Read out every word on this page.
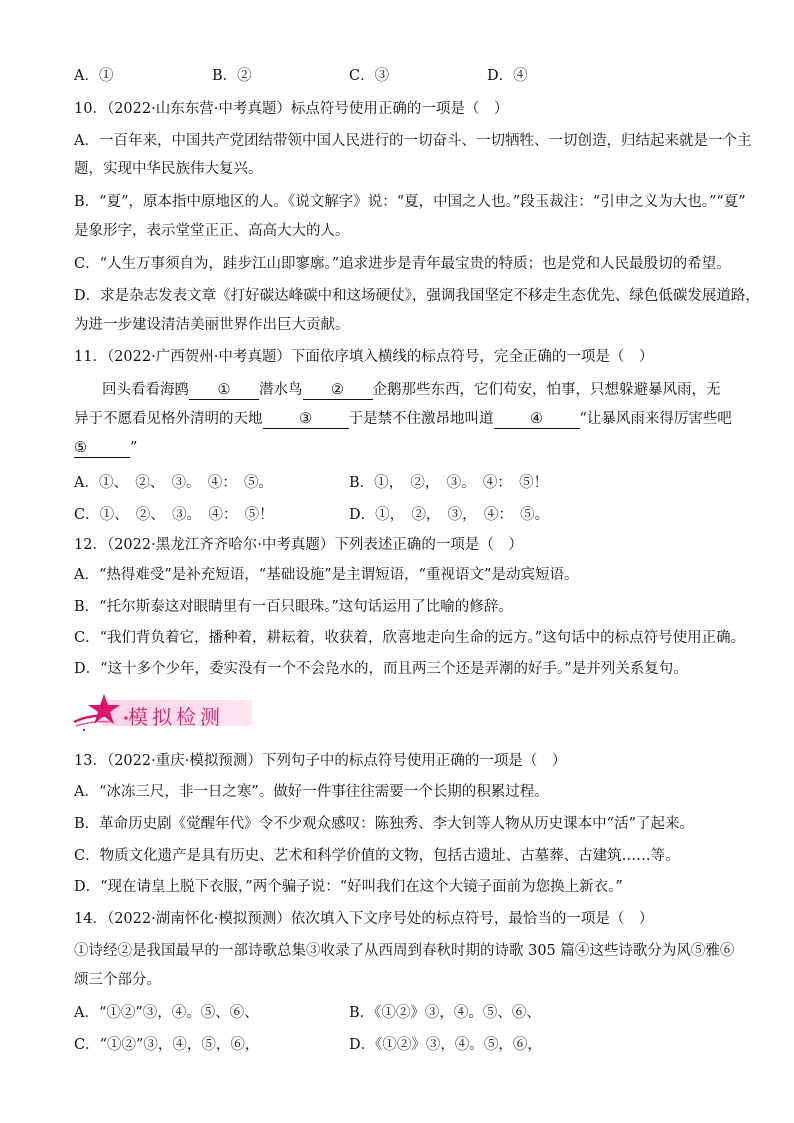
A．①	B．②	C．③	D．④
10．（2022·山东东营·中考真题）标点符号使用正确的一项是（　）
A．一百年来，中国共产党团结带领中国人民进行的一切奋斗、一切牺牲、一切创造，归结起来就是一个主
题，实现中华民族伟大复兴。
B．“夏”，原本指中原地区的人。《说文解字》说：“夏，中国之人也。”段玉裁注：“引申之义为大也。”“夏”
是象形字，表示堂堂正正、高高大大的人。
C．“人生万事须自为，跬步江山即寥廓。”追求进步是青年最宝贵的特质；也是党和人民最殷切的希望。
D．求是杂志发表文章《打好碳达峰碳中和这场硬仗》，强调我国坚定不移走生态优先、绿色低碳发展道路，
为进一步建设清洁美丽世界作出巨大贡献。
11．（2022·广西贺州·中考真题）下面依序填入横线的标点符号，完全正确的一项是（　）
回头看看海鸥 ① 潜水鸟 ② 企鹅那些东西，它们苟安，怕事，只想躲避暴风雨，无
异于不愿看见格外清明的天地	③	于是禁不住激昂地叫道	④	“让暴风雨来得厉害些吧
⑤	”
A．①、　②、　③。　④：　⑤。	B．①，　②，　③。　④：　⑤！
C．①、　②、　③。　④：　⑤！	D．①，　②，　③，　④：　⑤。
12．（2022·黑龙江齐齐哈尔·中考真题）下列表述正确的一项是（　）
A．“热得难受”是补充短语，“基础设施”是主谓短语，“重视语文”是动宾短语。
B．“托尔斯泰这对眼睛里有一百只眼珠。”这句话运用了比喻的修辞。
C．“我们背负着它，播种着，耕耘着，收获着，欣喜地走向生命的远方。”这句话中的标点符号使用正确。
D．“这十多个少年，委实没有一个不会凫水的，而且两三个还是弄潮的好手。”是并列关系复句。
模拟检测
13．（2022·重庆·模拟预测）下列句子中的标点符号使用正确的一项是（　）
A．“冰冻三尺，非一日之寒”。做好一件事往往需要一个长期的积累过程。
B．革命历史剧《觉醒年代》令不少观众感叹：陈独秀、李大钊等人物从历史课本中“活”了起来。
C．物质文化遗产是具有历史、艺术和科学价值的文物，包括古遗址、古墓葬、古建筑……等。
D．“现在请皇上脱下衣服，”两个骗子说：“好叫我们在这个大镜子面前为您换上新衣。”
14．（2022·湖南怀化·模拟预测）依次填入下文序号处的标点符号，最恰当的一项是（　）
①诗经②是我国最早的一部诗歌总集③收录了从西周到春秋时期的诗歌 305 篇④这些诗歌分为风⑤雅⑥
颂三个部分。
A．“①②”③，④。⑤、⑥、	B．《①②》③，④。⑤、⑥、
C．“①②”③，④，⑤，⑥，	D．《①②》③，④。⑤，⑥，
